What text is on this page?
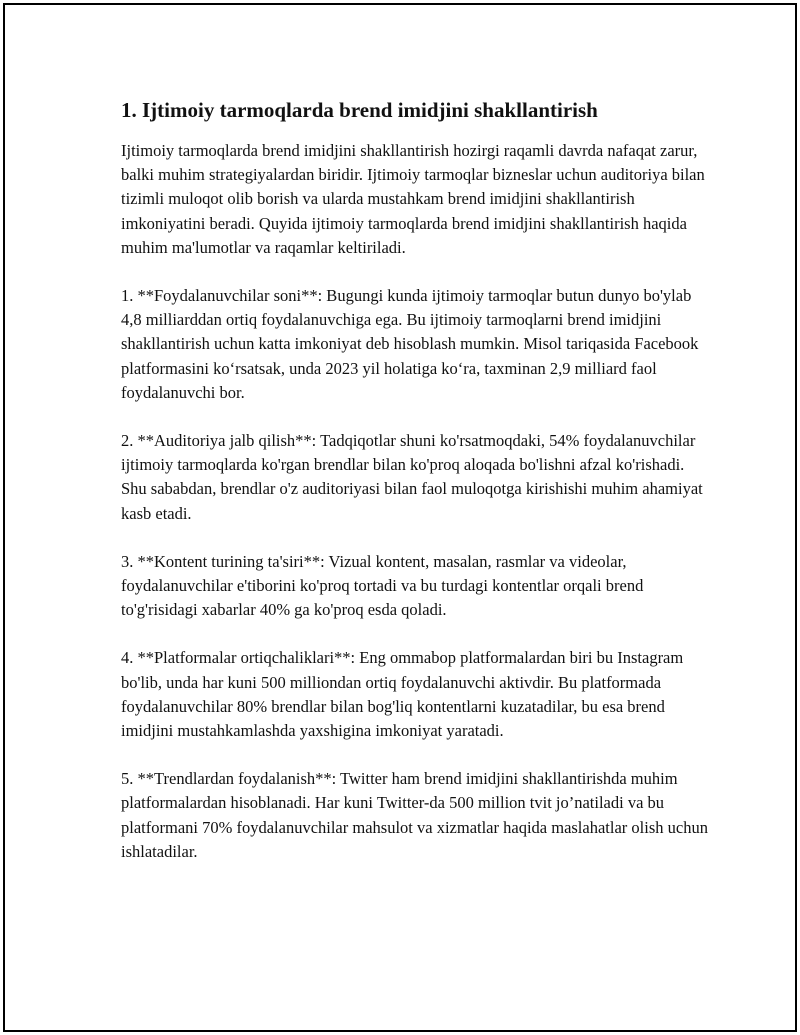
1. Ijtimoiy tarmoqlarda brend imidjini shakllantirish

Ijtimoiy tarmoqlarda brend imidjini shakllantirish hozirgi raqamli davrda nafaqat zarur, balki muhim strategiyalardan biridir. Ijtimoiy tarmoqlar bizneslar uchun auditoriya bilan tizimli muloqot olib borish va ularda mustahkam brend imidjini shakllantirish imkoniyatini beradi. Quyida ijtimoiy tarmoqlarda brend imidjini shakllantirish haqida muhim ma'lumotlar va raqamlar keltiriladi.

1. **Foydalanuvchilar soni**: Bugungi kunda ijtimoiy tarmoqlar butun dunyo bo'ylab 4,8 milliarddan ortiq foydalanuvchiga ega. Bu ijtimoiy tarmoqlarni brend imidjini shakllantirish uchun katta imkoniyat deb hisoblash mumkin. Misol tariqasida Facebook platformasini koʻrsatsak, unda 2023 yil holatiga koʻra, taxminan 2,9 milliard faol foydalanuvchi bor.

2. **Auditoriya jalb qilish**: Tadqiqotlar shuni ko'rsatmoqdaki, 54% foydalanuvchilar ijtimoiy tarmoqlarda ko'rgan brendlar bilan ko'proq aloqada bo'lishni afzal ko'rishadi. Shu sababdan, brendlar o'z auditoriyasi bilan faol muloqotga kirishishi muhim ahamiyat kasb etadi.

3. **Kontent turining ta'siri**: Vizual kontent, masalan, rasmlar va videolar, foydalanuvchilar e'tiborini ko'proq tortadi va bu turdagi kontentlar orqali brend to'g'risidagi xabarlar 40% ga ko'proq esda qoladi.

4. **Platformalar ortiqchaliklari**: Eng ommabop platformalardan biri bu Instagram bo'lib, unda har kuni 500 milliondan ortiq foydalanuvchi aktivdir. Bu platformada foydalanuvchilar 80% brendlar bilan bog'liq kontentlarni kuzatadilar, bu esa brend imidjini mustahkamlashda yaxshigina imkoniyat yaratadi.

5. **Trendlardan foydalanish**: Twitter ham brend imidjini shakllantirishda muhim platformalardan hisoblanadi. Har kuni Twitter-da 500 million tvit jo’natiladi va bu platformani 70% foydalanuvchilar mahsulot va xizmatlar haqida maslahatlar olish uchun ishlatadilar.
